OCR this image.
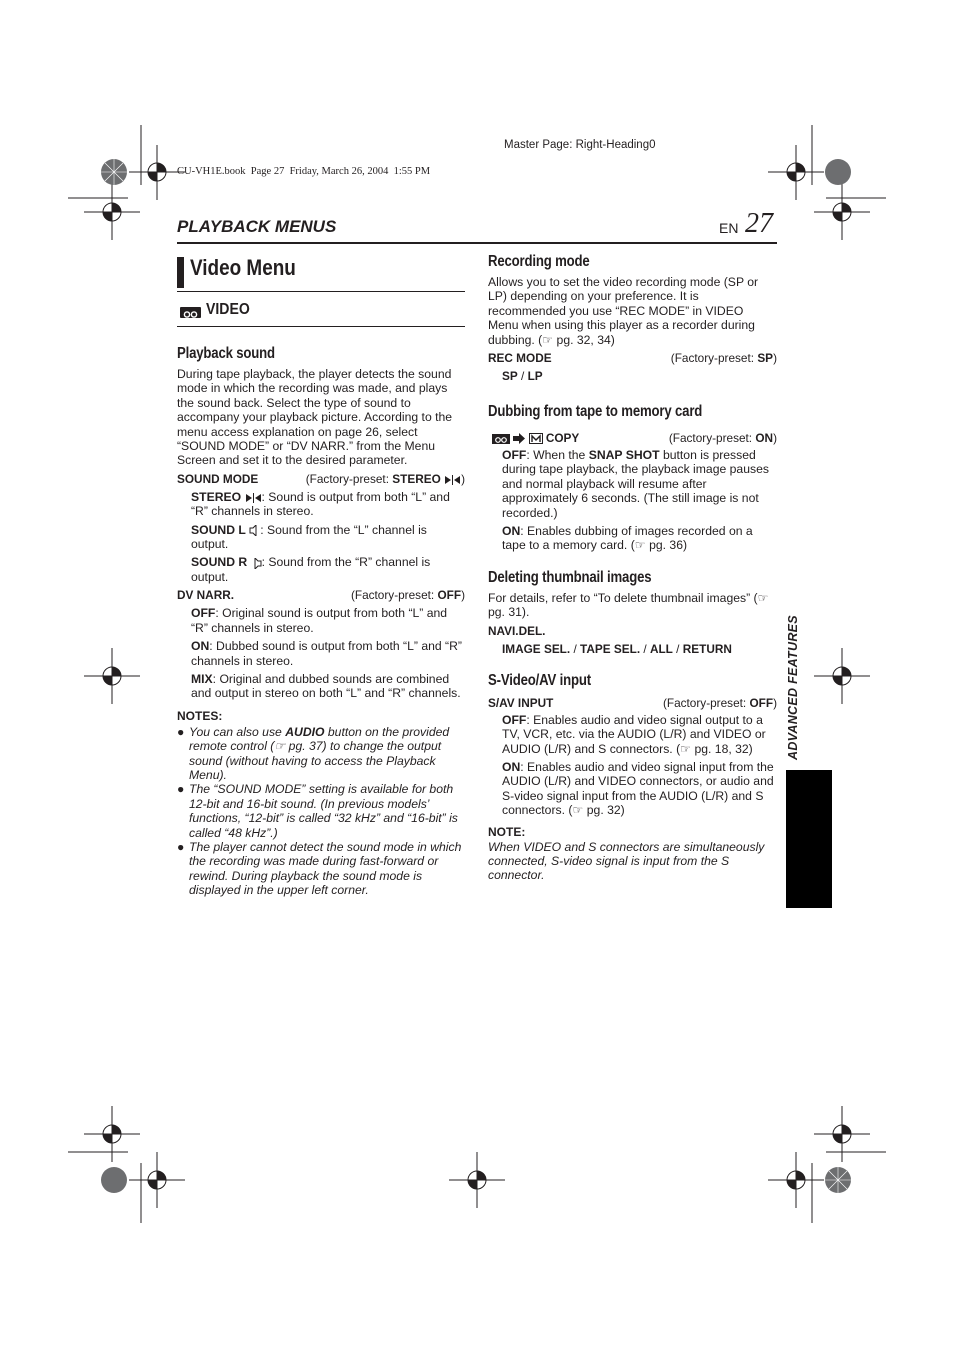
Master Page: Right-Heading0
CU-VH1E.book  Page 27  Friday, March 26, 2004  1:55 PM
PLAYBACK MENUS	EN 27
ADVANCED FEATURES
Video Menu
VIDEO
Playback sound
During tape playback, the player detects the sound mode in which the recording was made, and plays the sound back. Select the type of sound to accompany your playback picture. According to the menu access explanation on page 26, select “SOUND MODE” or “DV NARR.” from the Menu Screen and set it to the desired parameter.
SOUND MODE	(Factory-preset: STEREO )
STEREO : Sound is output from both “L” and “R” channels in stereo.
SOUND L : Sound from the “L” channel is output.
SOUND R : Sound from the “R” channel is output.
DV NARR.	(Factory-preset: OFF)
OFF: Original sound is output from both “L” and “R” channels in stereo.
ON: Dubbed sound is output from both “L” and “R” channels in stereo.
MIX: Original and dubbed sounds are combined and output in stereo on both “L” and “R” channels.
NOTES:
● You can also use AUDIO button on the provided remote control (☞ pg. 37) to change the output sound (without having to access the Playback Menu).
● The “SOUND MODE” setting is available for both 12-bit and 16-bit sound. (In previous models’ functions, “12-bit” is called “32 kHz” and “16-bit” is called “48 kHz”.)
● The player cannot detect the sound mode in which the recording was made during fast-forward or rewind. During playback the sound mode is displayed in the upper left corner.
Recording mode
Allows you to set the video recording mode (SP or LP) depending on your preference. It is recommended you use “REC MODE” in VIDEO Menu when using this player as a recorder during dubbing. (☞ pg. 32, 34)
REC MODE	(Factory-preset: SP)
SP / LP
Dubbing from tape to memory card
COPY	(Factory-preset: ON)
OFF: When the SNAP SHOT button is pressed during tape playback, the playback image pauses and normal playback will resume after approximately 6 seconds. (The still image is not recorded.)
ON: Enables dubbing of images recorded on a tape to a memory card. (☞ pg. 36)
Deleting thumbnail images
For details, refer to “To delete thumbnail images” (☞ pg. 31).
NAVI.DEL.
IMAGE SEL. / TAPE SEL. / ALL / RETURN
S-Video/AV input
S/AV INPUT	(Factory-preset: OFF)
OFF: Enables audio and video signal output to a TV, VCR, etc. via the AUDIO (L/R) and VIDEO or AUDIO (L/R) and S connectors. (☞ pg. 18, 32)
ON: Enables audio and video signal input from the AUDIO (L/R) and VIDEO connectors, or audio and S-video signal input from the AUDIO (L/R) and S connectors. (☞ pg. 32)
NOTE:
When VIDEO and S connectors are simultaneously connected, S-video signal is input from the S connector.
